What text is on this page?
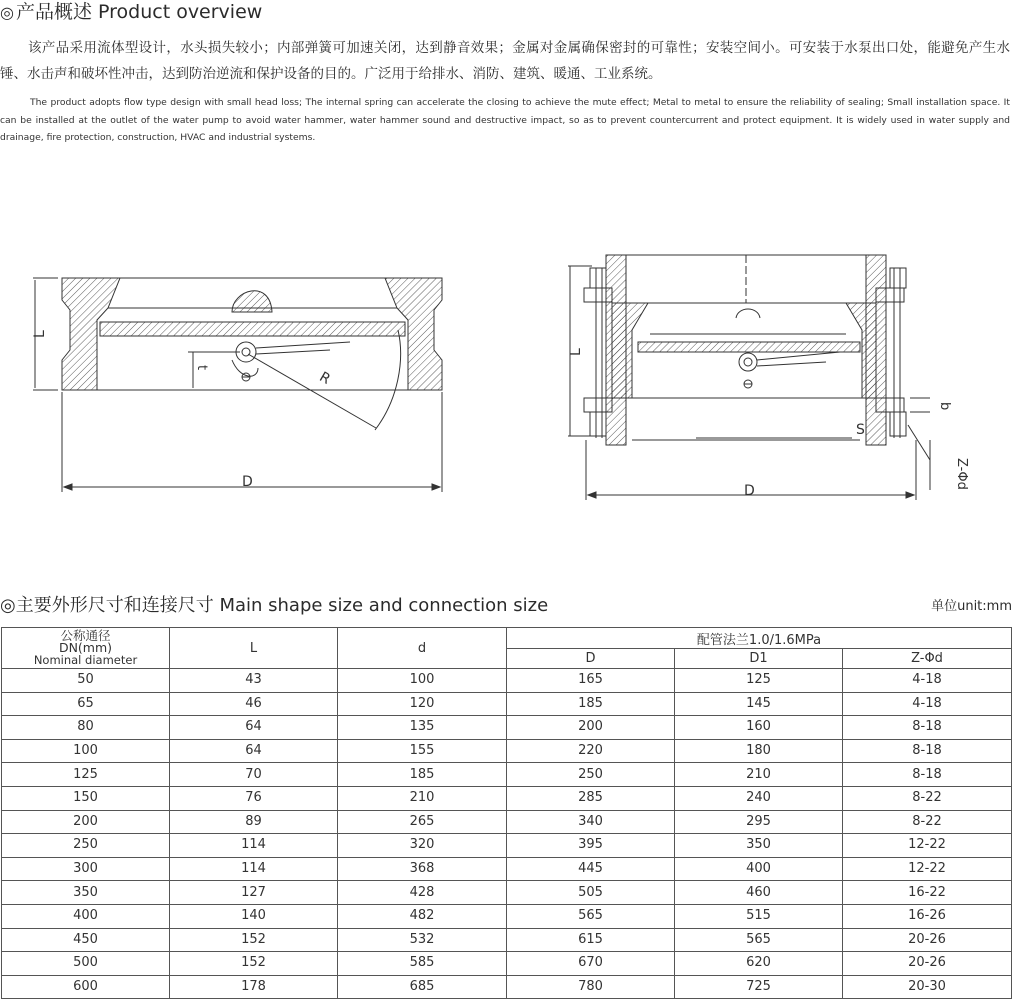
◎ 产品概述 Product overview
该产品采用流体型设计，水头损失较小；内部弹簧可加速关闭，达到静音效果；金属对金属确保密封的可靠性；安装空间小。可安装于水泵出口处，能避免产生水锤、水击声和破坏性冲击，达到防治逆流和保护设备的目的。广泛用于给排水、消防、建筑、暖通、工业系统。
The product adopts flow type design with small head loss; The internal spring can accelerate the closing to achieve the mute effect; Metal to metal to ensure the reliability of sealing; Small installation space. It can be installed at the outlet of the water pump to avoid water hammer, water hammer sound and destructive impact, so as to prevent countercurrent and protect equipment. It is widely used in water supply and drainage, fire protection, construction, HVAC and industrial systems.
L
t
R
D
L
S
b
D
Z-Φd
◎主要外形尺寸和连接尺寸 Main shape size and connection size	单位unit:mm
公称通径
DN(mm)
Nominal diameter	L	d	配管法兰1.0/1.6MPa		
			D	D1	Z-Φd
50	43	100	165	125	4-18
65	46	120	185	145	4-18
80	64	135	200	160	8-18
100	64	155	220	180	8-18
125	70	185	250	210	8-18
150	76	210	285	240	8-22
200	89	265	340	295	8-22
250	114	320	395	350	12-22
300	114	368	445	400	12-22
350	127	428	505	460	16-22
400	140	482	565	515	16-26
450	152	532	615	565	20-26
500	152	585	670	620	20-26
600	178	685	780	725	20-30
